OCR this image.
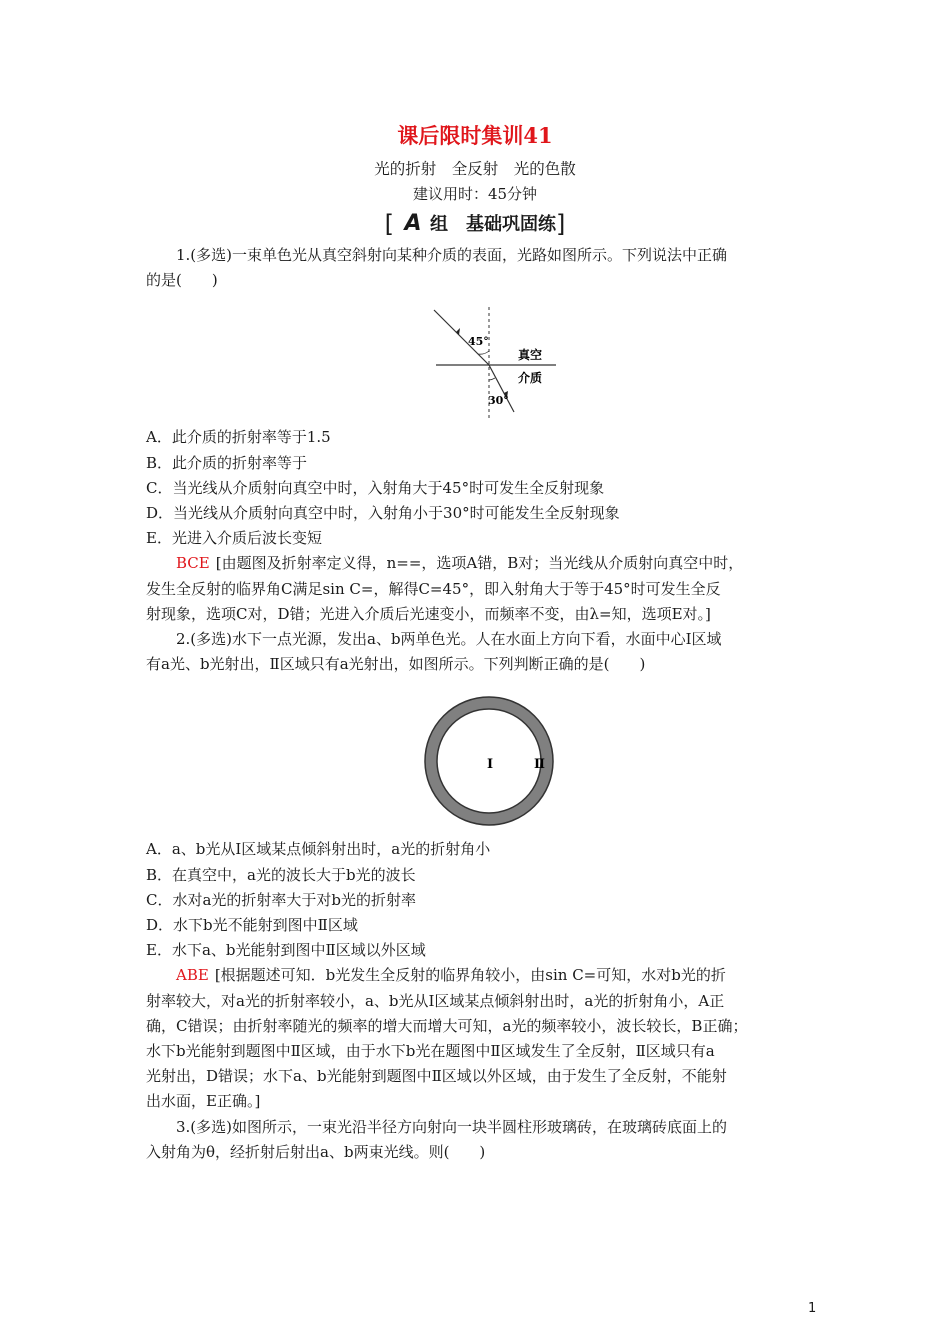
课后限时集训41
光的折射　全反射　光的色散
建议用时：45分钟
[ A 组　基础巩固练]

1.(多选)一束单色光从真空斜射向某种介质的表面，光路如图所示。下列说法中正确

的是(　　)

45°
30°
真空
介质

A．此介质的折射率等于1.5

B．此介质的折射率等于

C．当光线从介质射向真空中时，入射角大于45°时可发生全反射现象

D．当光线从介质射向真空中时，入射角小于30°时可能发生全反射现象

E．光进入介质后波长变短

BCE [由题图及折射率定义得，n==，选项A错，B对；当光线从介质射向真空中时，

发生全反射的临界角C满足sin C=，解得C=45°，即入射角大于等于45°时可发生全反

射现象，选项C对，D错；光进入介质后光速变小，而频率不变，由λ=知，选项E对。]

2.(多选)水下一点光源，发出a、b两单色光。人在水面上方向下看，水面中心Ⅰ区域

有a光、b光射出，Ⅱ区域只有a光射出，如图所示。下列判断正确的是(　　)

Ⅰ	Ⅱ

A．a、b光从Ⅰ区域某点倾斜射出时，a光的折射角小

B．在真空中，a光的波长大于b光的波长

C．水对a光的折射率大于对b光的折射率

D．水下b光不能射到图中Ⅱ区域

E．水下a、b光能射到图中Ⅱ区域以外区域

ABE [根据题述可知．b光发生全反射的临界角较小，由sin C=可知，水对b光的折

射率较大，对a光的折射率较小，a、b光从Ⅰ区域某点倾斜射出时，a光的折射角小，A正

确，C错误；由折射率随光的频率的增大而增大可知，a光的频率较小，波长较长，B正确；

水下b光能射到题图中Ⅱ区域，由于水下b光在题图中Ⅱ区域发生了全反射，Ⅱ区域只有a

光射出，D错误；水下a、b光能射到题图中Ⅱ区域以外区域，由于发生了全反射，不能射

出水面，E正确。]

3.(多选)如图所示，一束光沿半径方向射向一块半圆柱形玻璃砖，在玻璃砖底面上的

入射角为θ，经折射后射出a、b两束光线。则(　　)

1
